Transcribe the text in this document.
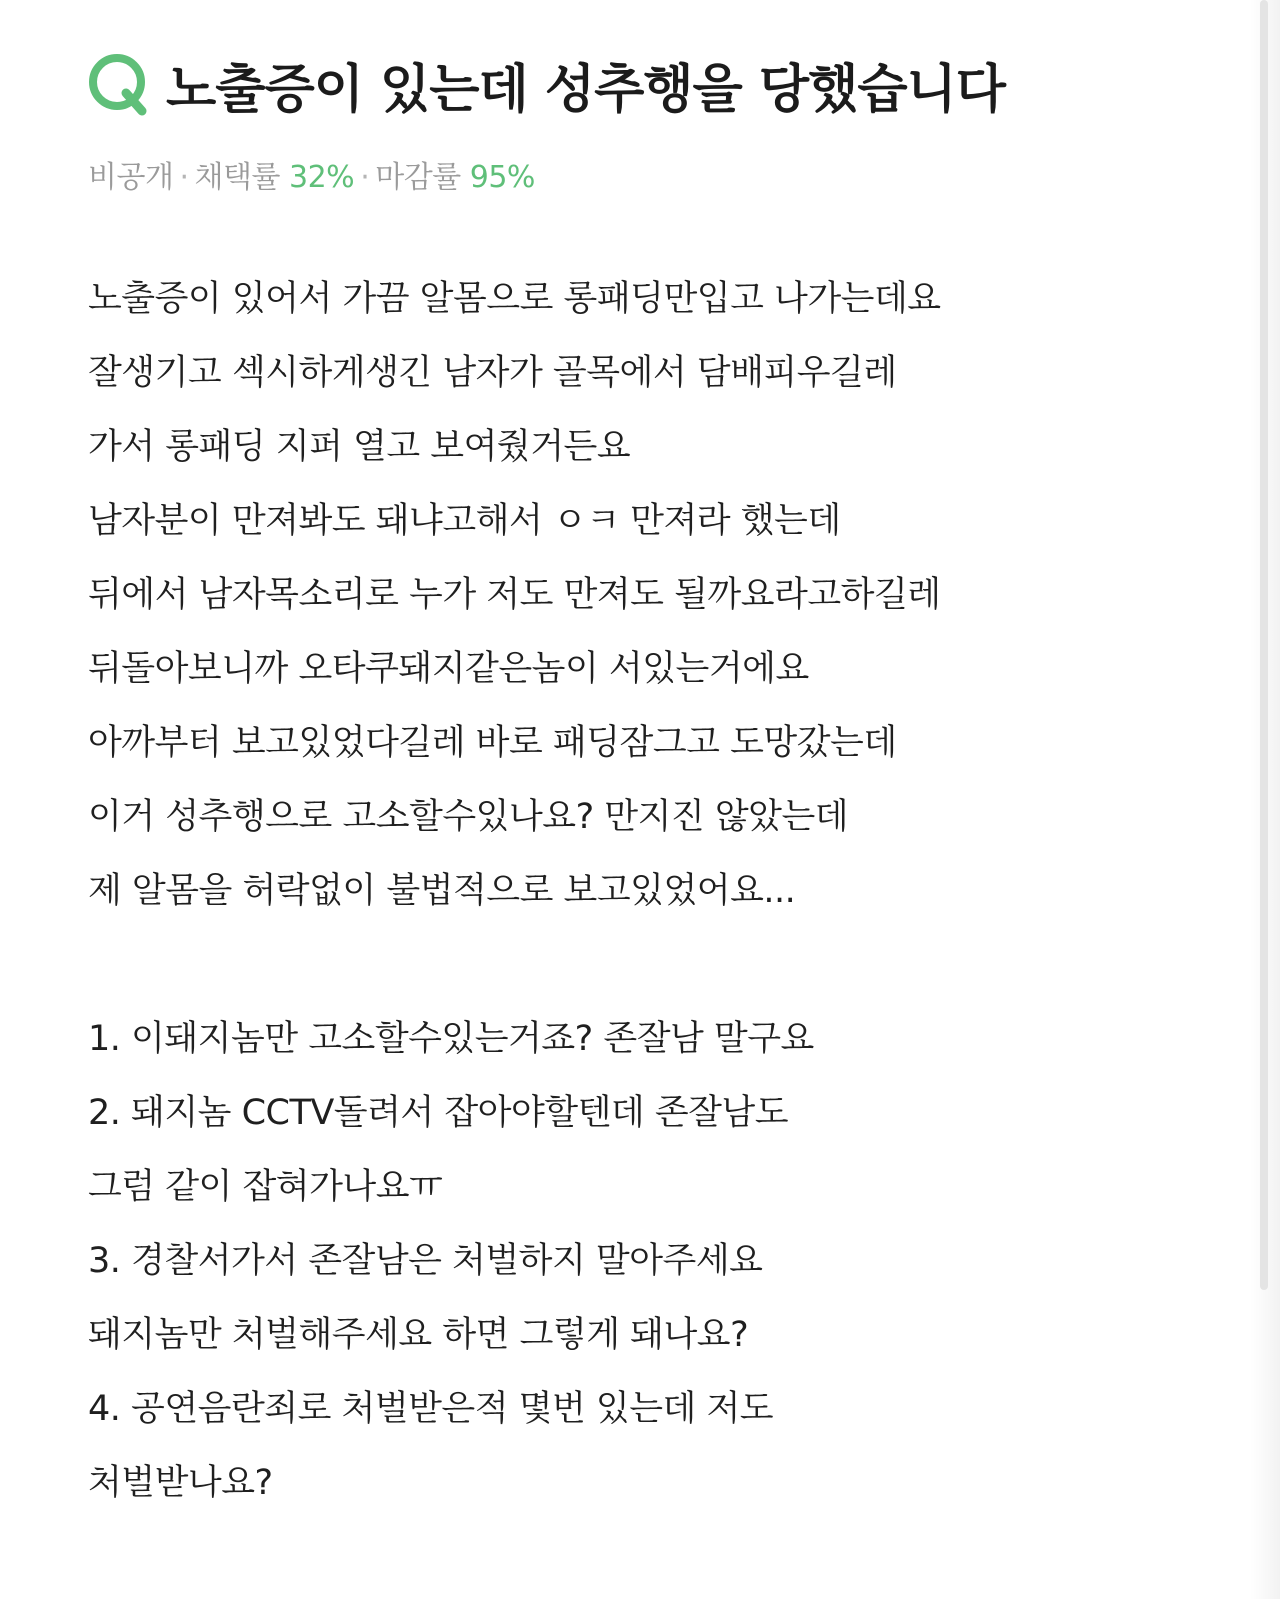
노출증이 있는데 성추행을 당했습니다
비공개 · 채택률 32% · 마감률 95%
노출증이 있어서 가끔 알몸으로 롱패딩만입고 나가는데요
잘생기고 섹시하게생긴 남자가 골목에서 담배피우길레
가서 롱패딩 지퍼 열고 보여줬거든요
남자분이 만져봐도 돼냐고해서 ㅇㅋ 만져라 했는데
뒤에서 남자목소리로 누가 저도 만져도 될까요라고하길레
뒤돌아보니까 오타쿠돼지같은놈이 서있는거에요
아까부터 보고있었다길레 바로 패딩잠그고 도망갔는데
이거 성추행으로 고소할수있나요? 만지진 않았는데
제 알몸을 허락없이 불법적으로 보고있었어요...
1. 이돼지놈만 고소할수있는거죠? 존잘남 말구요
2. 돼지놈 CCTV돌려서 잡아야할텐데 존잘남도
그럼 같이 잡혀가나요ㅠ
3. 경찰서가서 존잘남은 처벌하지 말아주세요
돼지놈만 처벌해주세요 하면 그렇게 돼나요?
4. 공연음란죄로 처벌받은적 몇번 있는데 저도
처벌받나요?
